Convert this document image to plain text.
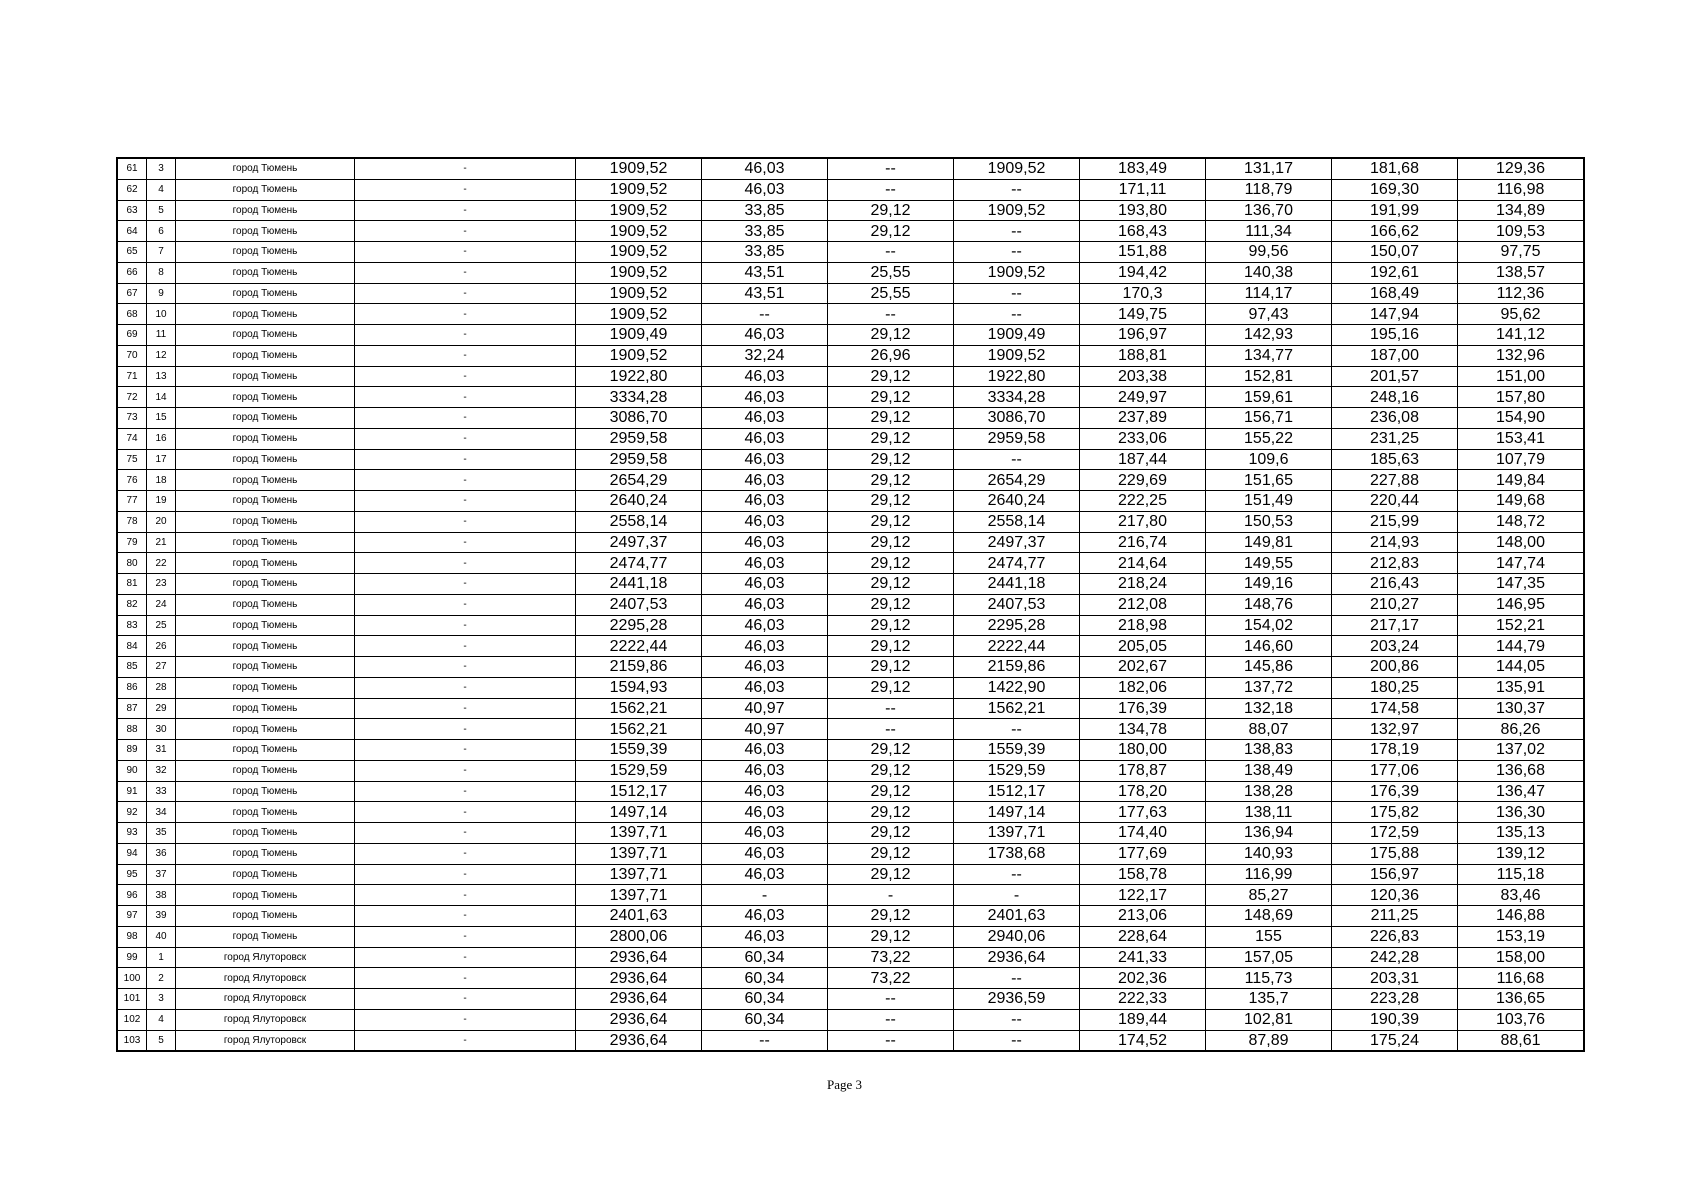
61	3	город Тюмень	-	1909,52	46,03	--	1909,52	183,49	131,17	181,68	129,36
62	4	город Тюмень	-	1909,52	46,03	--	--	171,11	118,79	169,30	116,98
63	5	город Тюмень	-	1909,52	33,85	29,12	1909,52	193,80	136,70	191,99	134,89
64	6	город Тюмень	-	1909,52	33,85	29,12	--	168,43	111,34	166,62	109,53
65	7	город Тюмень	-	1909,52	33,85	--	--	151,88	99,56	150,07	97,75
66	8	город Тюмень	-	1909,52	43,51	25,55	1909,52	194,42	140,38	192,61	138,57
67	9	город Тюмень	-	1909,52	43,51	25,55	--	170,3	114,17	168,49	112,36
68	10	город Тюмень	-	1909,52	--	--	--	149,75	97,43	147,94	95,62
69	11	город Тюмень	-	1909,49	46,03	29,12	1909,49	196,97	142,93	195,16	141,12
70	12	город Тюмень	-	1909,52	32,24	26,96	1909,52	188,81	134,77	187,00	132,96
71	13	город Тюмень	-	1922,80	46,03	29,12	1922,80	203,38	152,81	201,57	151,00
72	14	город Тюмень	-	3334,28	46,03	29,12	3334,28	249,97	159,61	248,16	157,80
73	15	город Тюмень	-	3086,70	46,03	29,12	3086,70	237,89	156,71	236,08	154,90
74	16	город Тюмень	-	2959,58	46,03	29,12	2959,58	233,06	155,22	231,25	153,41
75	17	город Тюмень	-	2959,58	46,03	29,12	--	187,44	109,6	185,63	107,79
76	18	город Тюмень	-	2654,29	46,03	29,12	2654,29	229,69	151,65	227,88	149,84
77	19	город Тюмень	-	2640,24	46,03	29,12	2640,24	222,25	151,49	220,44	149,68
78	20	город Тюмень	-	2558,14	46,03	29,12	2558,14	217,80	150,53	215,99	148,72
79	21	город Тюмень	-	2497,37	46,03	29,12	2497,37	216,74	149,81	214,93	148,00
80	22	город Тюмень	-	2474,77	46,03	29,12	2474,77	214,64	149,55	212,83	147,74
81	23	город Тюмень	-	2441,18	46,03	29,12	2441,18	218,24	149,16	216,43	147,35
82	24	город Тюмень	-	2407,53	46,03	29,12	2407,53	212,08	148,76	210,27	146,95
83	25	город Тюмень	-	2295,28	46,03	29,12	2295,28	218,98	154,02	217,17	152,21
84	26	город Тюмень	-	2222,44	46,03	29,12	2222,44	205,05	146,60	203,24	144,79
85	27	город Тюмень	-	2159,86	46,03	29,12	2159,86	202,67	145,86	200,86	144,05
86	28	город Тюмень	-	1594,93	46,03	29,12	1422,90	182,06	137,72	180,25	135,91
87	29	город Тюмень	-	1562,21	40,97	--	1562,21	176,39	132,18	174,58	130,37
88	30	город Тюмень	-	1562,21	40,97	--	--	134,78	88,07	132,97	86,26
89	31	город Тюмень	-	1559,39	46,03	29,12	1559,39	180,00	138,83	178,19	137,02
90	32	город Тюмень	-	1529,59	46,03	29,12	1529,59	178,87	138,49	177,06	136,68
91	33	город Тюмень	-	1512,17	46,03	29,12	1512,17	178,20	138,28	176,39	136,47
92	34	город Тюмень	-	1497,14	46,03	29,12	1497,14	177,63	138,11	175,82	136,30
93	35	город Тюмень	-	1397,71	46,03	29,12	1397,71	174,40	136,94	172,59	135,13
94	36	город Тюмень	-	1397,71	46,03	29,12	1738,68	177,69	140,93	175,88	139,12
95	37	город Тюмень	-	1397,71	46,03	29,12	--	158,78	116,99	156,97	115,18
96	38	город Тюмень	-	1397,71	-	-	-	122,17	85,27	120,36	83,46
97	39	город Тюмень	-	2401,63	46,03	29,12	2401,63	213,06	148,69	211,25	146,88
98	40	город Тюмень	-	2800,06	46,03	29,12	2940,06	228,64	155	226,83	153,19
99	1	город Ялуторовск	-	2936,64	60,34	73,22	2936,64	241,33	157,05	242,28	158,00
100	2	город Ялуторовск	-	2936,64	60,34	73,22	--	202,36	115,73	203,31	116,68
101	3	город Ялуторовск	-	2936,64	60,34	--	2936,59	222,33	135,7	223,28	136,65
102	4	город Ялуторовск	-	2936,64	60,34	--	--	189,44	102,81	190,39	103,76
103	5	город Ялуторовск	-	2936,64	--	--	--	174,52	87,89	175,24	88,61
Page 3
